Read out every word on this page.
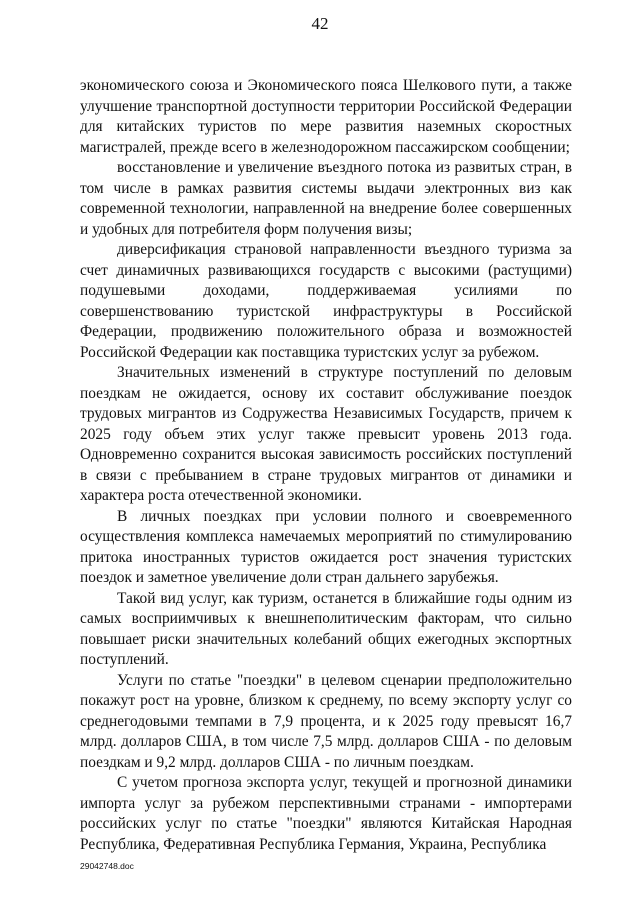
42

экономического союза и Экономического пояса Шелкового пути, а также улучшение транспортной доступности территории Российской Федерации для китайских туристов по мере развития наземных скоростных магистралей, прежде всего в железнодорожном пассажирском сообщении;

восстановление и увеличение въездного потока из развитых стран, в том числе в рамках развития системы выдачи электронных виз как современной технологии, направленной на внедрение более совершенных и удобных для потребителя форм получения визы;

диверсификация страновой направленности въездного туризма за счет динамичных развивающихся государств с высокими (растущими) подушевыми доходами, поддерживаемая усилиями по совершенствованию туристской инфраструктуры в Российской Федерации, продвижению положительного образа и возможностей Российской Федерации как поставщика туристских услуг за рубежом.

Значительных изменений в структуре поступлений по деловым поездкам не ожидается, основу их составит обслуживание поездок трудовых мигрантов из Содружества Независимых Государств, причем к 2025 году объем этих услуг также превысит уровень 2013 года. Одновременно сохранится высокая зависимость российских поступлений в связи с пребыванием в стране трудовых мигрантов от динамики и характера роста отечественной экономики.

В личных поездках при условии полного и своевременного осуществления комплекса намечаемых мероприятий по стимулированию притока иностранных туристов ожидается рост значения туристских поездок и заметное увеличение доли стран дальнего зарубежья.

Такой вид услуг, как туризм, останется в ближайшие годы одним из самых восприимчивых к внешнеполитическим факторам, что сильно повышает риски значительных колебаний общих ежегодных экспортных поступлений.

Услуги по статье "поездки" в целевом сценарии предположительно покажут рост на уровне, близком к среднему, по всему экспорту услуг со среднегодовыми темпами в 7,9 процента, и к 2025 году превысят 16,7 млрд. долларов США, в том числе 7,5 млрд. долларов США - по деловым поездкам и 9,2 млрд. долларов США - по личным поездкам.

С учетом прогноза экспорта услуг, текущей и прогнозной динамики импорта услуг за рубежом перспективными странами - импортерами российских услуг по статье "поездки" являются Китайская Народная Республика, Федеративная Республика Германия, Украина, Республика

29042748.doc
